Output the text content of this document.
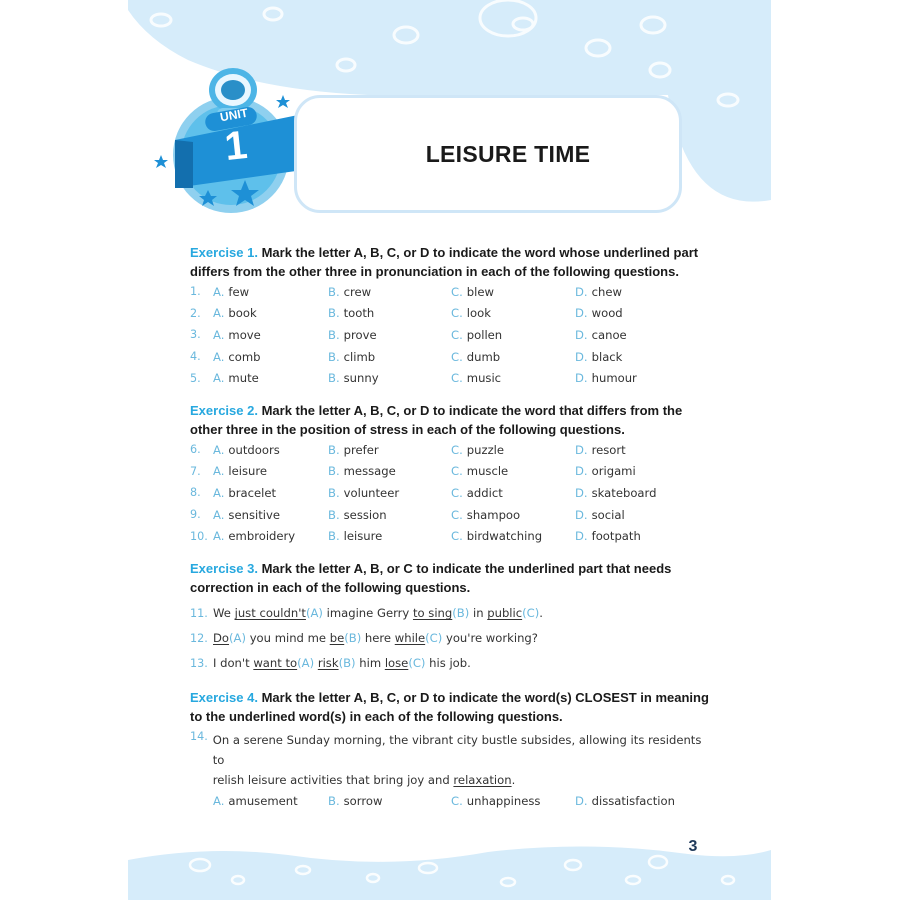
UNIT
1	LEISURE TIME

Exercise 1. Mark the letter A, B, C, or D to indicate the word whose underlined part differs from the other three in pronunciation in each of the following questions.

1.	A. few	B. crew	C. blew	D. chew
2.	A. book	B. tooth	C. look	D. wood
3.	A. move	B. prove	C. pollen	D. canoe
4.	A. comb	B. climb	C. dumb	D. black
5.	A. mute	B. sunny	C. music	D. humour

Exercise 2. Mark the letter A, B, C, or D to indicate the word that differs from the other three in the position of stress in each of the following questions.

6.	A. outdoors	B. prefer	C. puzzle	D. resort
7.	A. leisure	B. message	C. muscle	D. origami
8.	A. bracelet	B. volunteer	C. addict	D. skateboard
9.	A. sensitive	B. session	C. shampoo	D. social
10. A. embroidery	B. leisure	C. birdwatching	D. footpath

Exercise 3. Mark the letter A, B, or C to indicate the underlined part that needs correction in each of the following questions.

11. We just couldn't(A) imagine Gerry to sing(B) in public(C).
12. Do(A) you mind me be(B) here while(C) you're working?
13. I don't want to(A) risk(B) him lose(C) his job.

Exercise 4. Mark the letter A, B, C, or D to indicate the word(s) CLOSEST in meaning to the underlined word(s) in each of the following questions.

14. On a serene Sunday morning, the vibrant city bustle subsides, allowing its residents to
relish leisure activities that bring joy and relaxation.
A. amusement	B. sorrow	C. unhappiness	D. dissatisfaction
3
